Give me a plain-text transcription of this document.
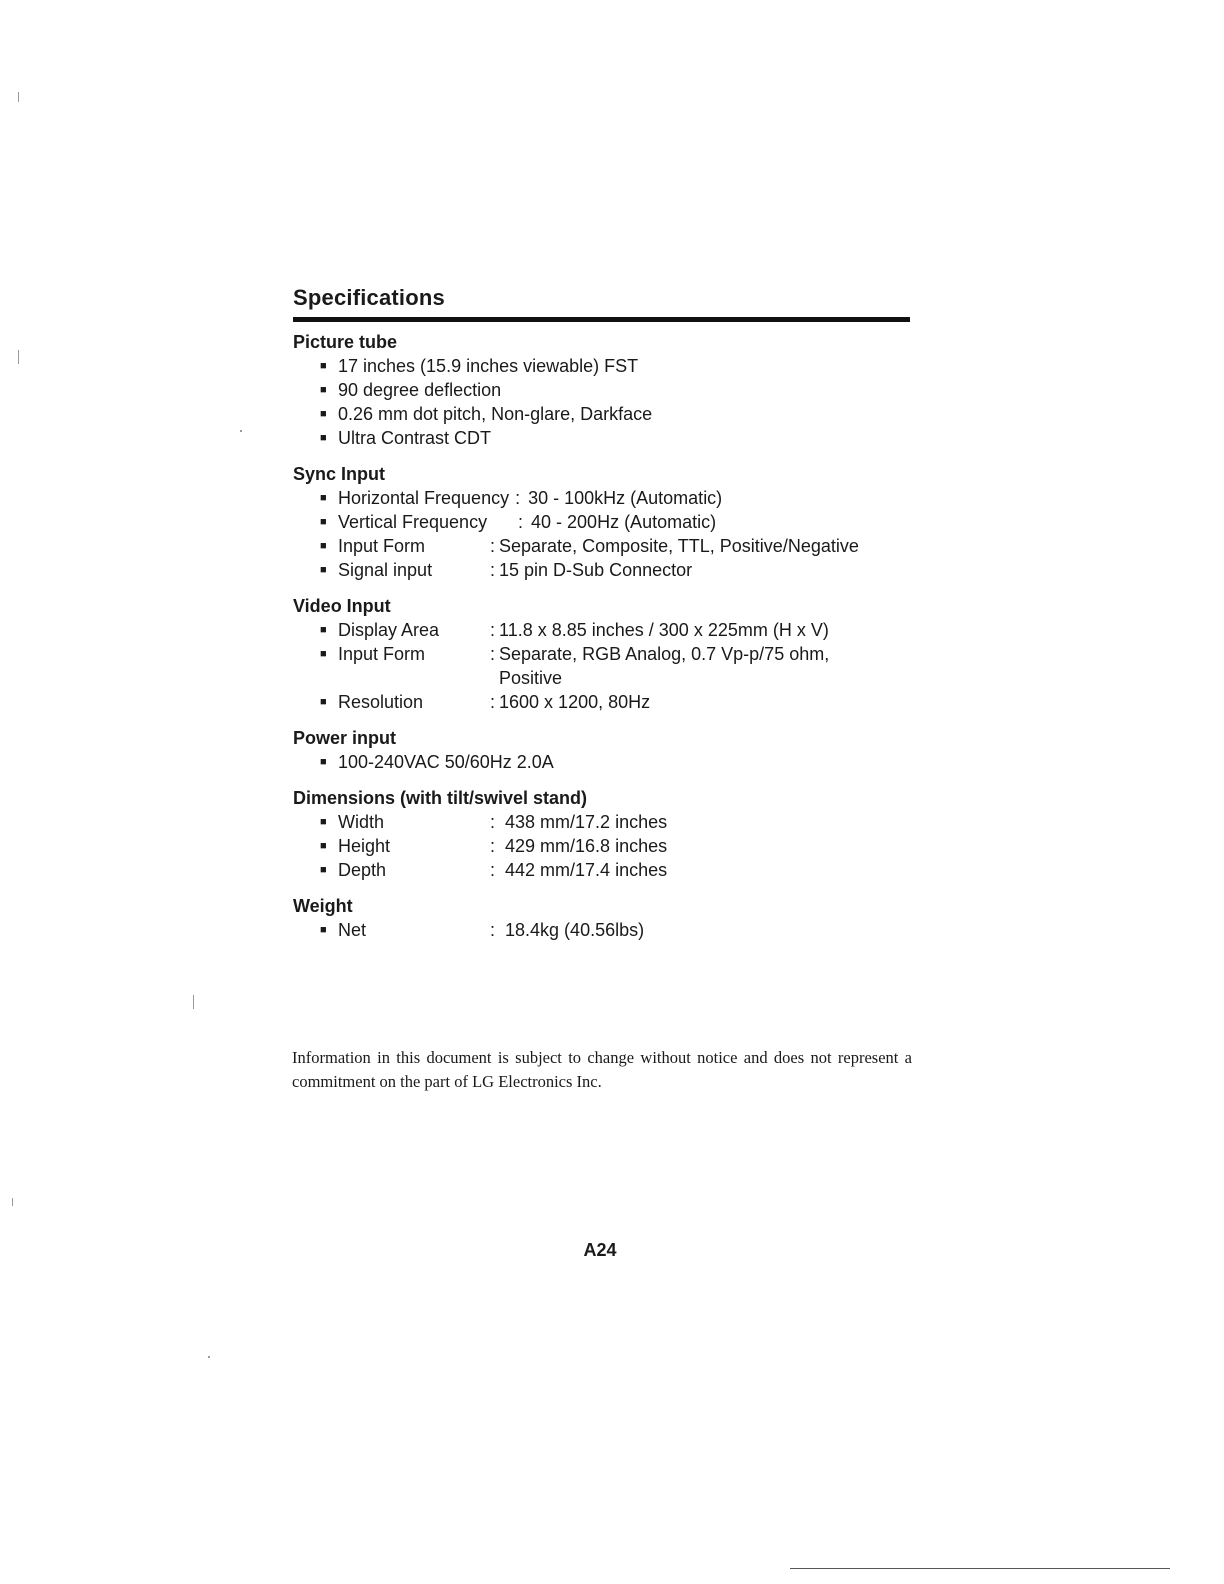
Specifications
Picture tube
■ 17 inches (15.9 inches viewable) FST
■ 90 degree deflection
■ 0.26 mm dot pitch, Non-glare, Darkface
■ Ultra Contrast CDT
Sync Input
■ Horizontal Frequency : 30 - 100kHz (Automatic)
■ Vertical Frequency	: 40 - 200Hz (Automatic)
■ Input Form	: Separate, Composite, TTL, Positive/Negative
■ Signal input	: 15 pin D-Sub Connector
Video Input
■ Display Area	: 11.8 x 8.85 inches / 300 x 225mm (H x V)
■ Input Form	: Separate, RGB Analog, 0.7 Vp-p/75 ohm,
Positive
■ Resolution	: 1600 x 1200, 80Hz
Power input
■ 100-240VAC 50/60Hz 2.0A
Dimensions (with tilt/swivel stand)
■ Width	: 438 mm/17.2 inches
■ Height	: 429 mm/16.8 inches
■ Depth	: 442 mm/17.4 inches
Weight
■ Net	: 18.4kg (40.56lbs)

Information in this document is subject to change without notice and does not represent a commitment on the part of LG Electronics Inc.

A24
